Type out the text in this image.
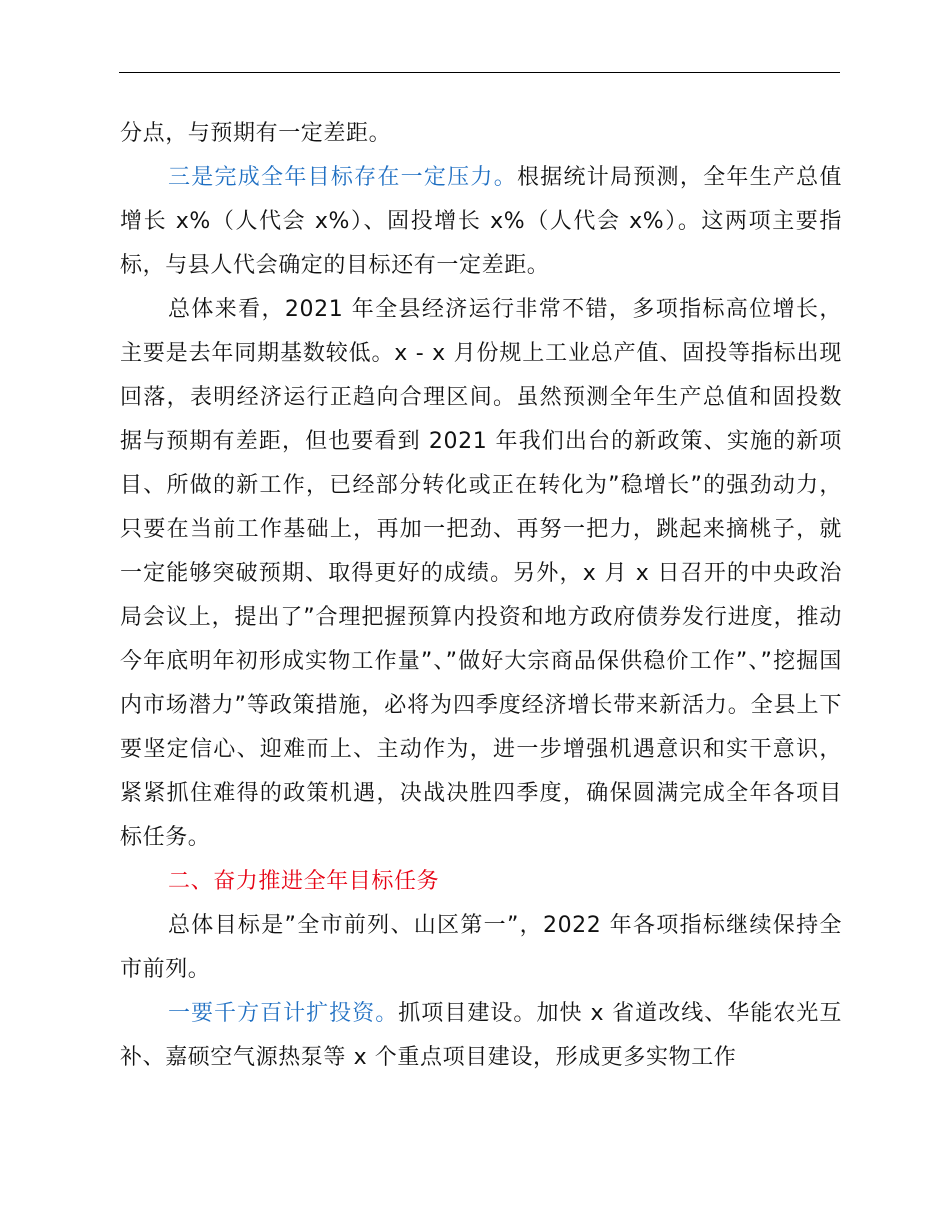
分点，与预期有一定差距。

三是完成全年目标存在一定压力。根据统计局预测，全年生产总值增长 x%（人代会 x%）、固投增长 x%（人代会 x%）。这两项主要指标，与县人代会确定的目标还有一定差距。

总体来看，2021 年全县经济运行非常不错，多项指标高位增长，主要是去年同期基数较低。x - x 月份规上工业总产值、固投等指标出现回落，表明经济运行正趋向合理区间。虽然预测全年生产总值和固投数据与预期有差距，但也要看到 2021 年我们出台的新政策、实施的新项目、所做的新工作，已经部分转化或正在转化为”稳增长”的强劲动力，只要在当前工作基础上，再加一把劲、再努一把力，跳起来摘桃子，就一定能够突破预期、取得更好的成绩。另外，x 月 x 日召开的中央政治局会议上，提出了”合理把握预算内投资和地方政府债券发行进度，推动今年底明年初形成实物工作量”、”做好大宗商品保供稳价工作”、”挖掘国内市场潜力”等政策措施，必将为四季度经济增长带来新活力。全县上下要坚定信心、迎难而上、主动作为，进一步增强机遇意识和实干意识，紧紧抓住难得的政策机遇，决战决胜四季度，确保圆满完成全年各项目标任务。

二、奋力推进全年目标任务

总体目标是”全市前列、山区第一”，2022 年各项指标继续保持全市前列。

一要千方百计扩投资。抓项目建设。加快 x 省道改线、华能农光互补、嘉硕空气源热泵等 x 个重点项目建设，形成更多实物工作
